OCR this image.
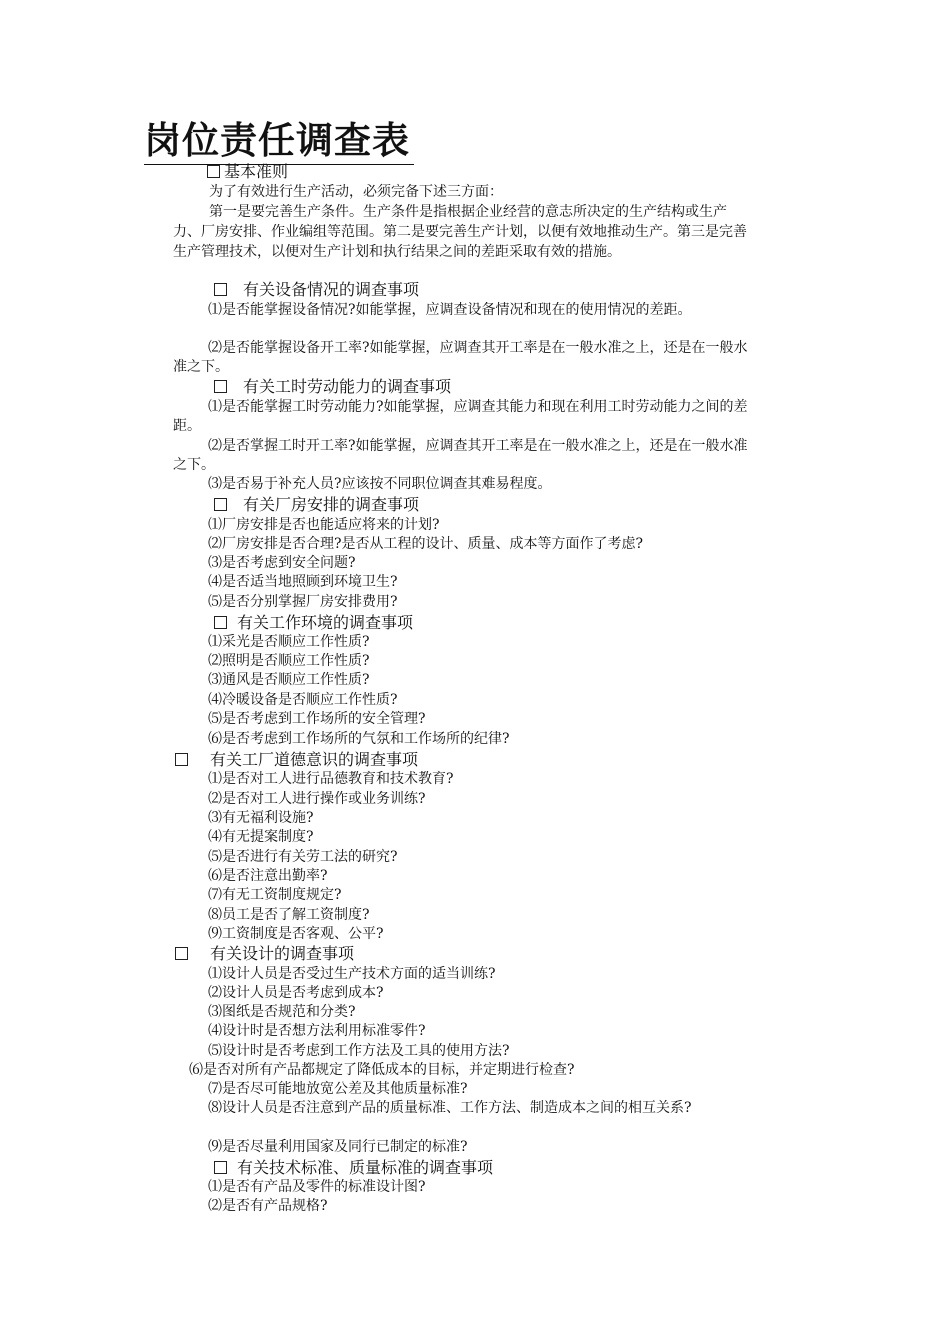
岗位责任调查表
基本准则
为了有效进行生产活动，必须完备下述三方面：
第一是要完善生产条件。生产条件是指根据企业经营的意志所决定的生产结构或生产力、厂房安排、作业编组等范围。第二是要完善生产计划，以便有效地推动生产。第三是完善生产管理技术，以便对生产计划和执行结果之间的差距采取有效的措施。
有关设备情况的调查事项
⑴是否能掌握设备情况?如能掌握，应调查设备情况和现在的使用情况的差距。
⑵是否能掌握设备开工率?如能掌握，应调查其开工率是在一般水准之上，还是在一般水准之下。
有关工时劳动能力的调查事项
⑴是否能掌握工时劳动能力?如能掌握，应调查其能力和现在利用工时劳动能力之间的差距。
⑵是否掌握工时开工率?如能掌握，应调查其开工率是在一般水准之上，还是在一般水准之下。
⑶是否易于补充人员?应该按不同职位调查其难易程度。
有关厂房安排的调查事项
⑴厂房安排是否也能适应将来的计划?
⑵厂房安排是否合理?是否从工程的设计、质量、成本等方面作了考虑?
⑶是否考虑到安全问题?
⑷是否适当地照顾到环境卫生?
⑸是否分别掌握厂房安排费用?
有关工作环境的调查事项
⑴采光是否顺应工作性质?
⑵照明是否顺应工作性质?
⑶通风是否顺应工作性质?
⑷冷暖设备是否顺应工作性质?
⑸是否考虑到工作场所的安全管理?
⑹是否考虑到工作场所的气氛和工作场所的纪律?
有关工厂道德意识的调查事项
⑴是否对工人进行品德教育和技术教育?
⑵是否对工人进行操作或业务训练?
⑶有无福利设施?
⑷有无提案制度?
⑸是否进行有关劳工法的研究?
⑹是否注意出勤率?
⑺有无工资制度规定?
⑻员工是否了解工资制度?
⑼工资制度是否客观、公平?
有关设计的调查事项
⑴设计人员是否受过生产技术方面的适当训练?
⑵设计人员是否考虑到成本?
⑶图纸是否规范和分类?
⑷设计时是否想方法利用标准零件?
⑸设计时是否考虑到工作方法及工具的使用方法?
⑹是否对所有产品都规定了降低成本的目标，并定期进行检查?
⑺是否尽可能地放宽公差及其他质量标准?
⑻设计人员是否注意到产品的质量标准、工作方法、制造成本之间的相互关系?
⑼是否尽量利用国家及同行已制定的标准?
有关技术标准、质量标准的调查事项
⑴是否有产品及零件的标准设计图?
⑵是否有产品规格?
